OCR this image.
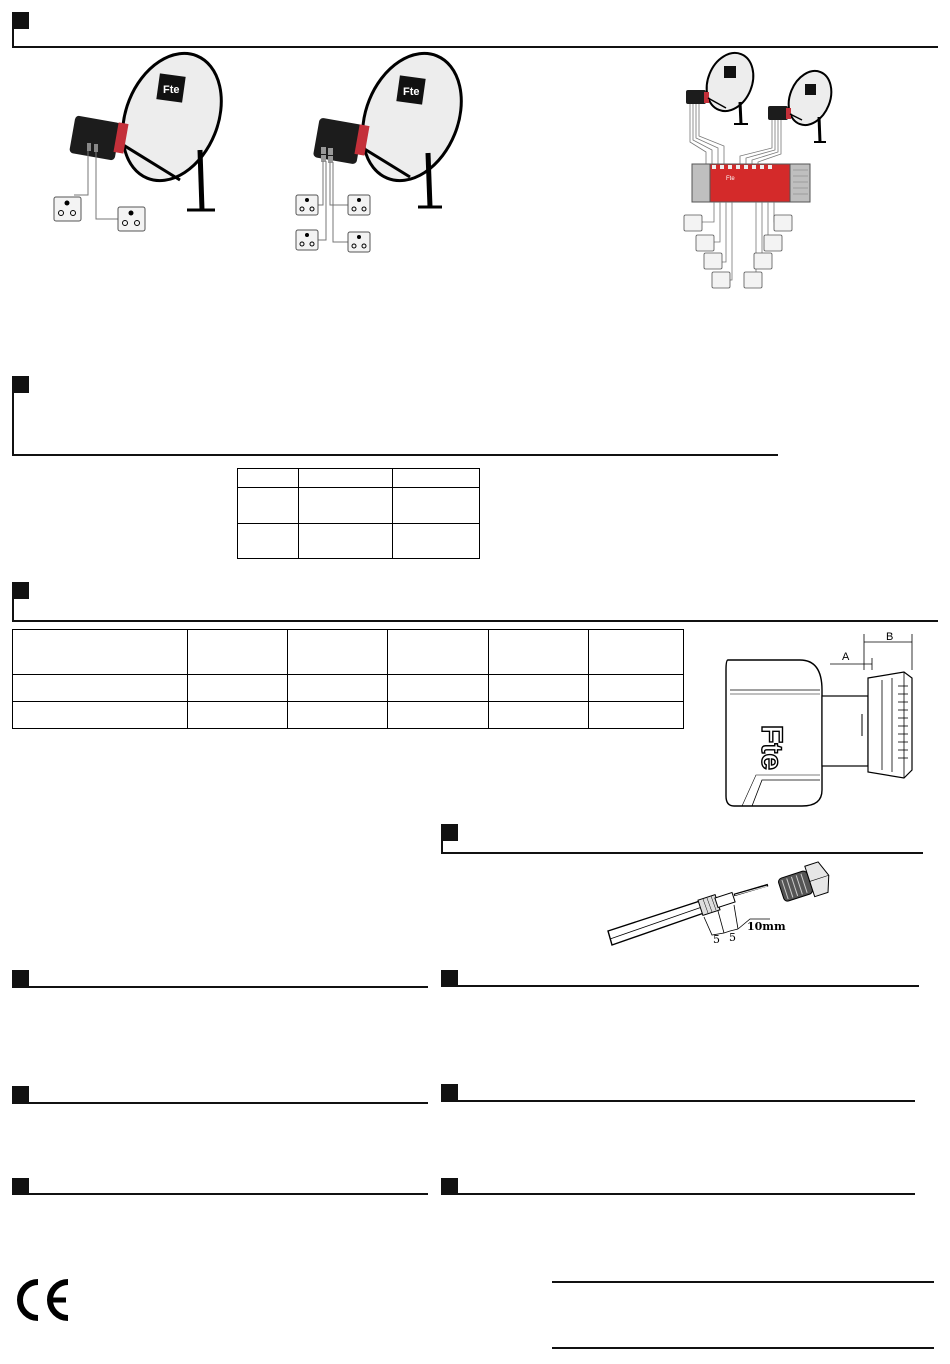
Fte	Fte
Fte

B
A
Fte
5 5
10mm
